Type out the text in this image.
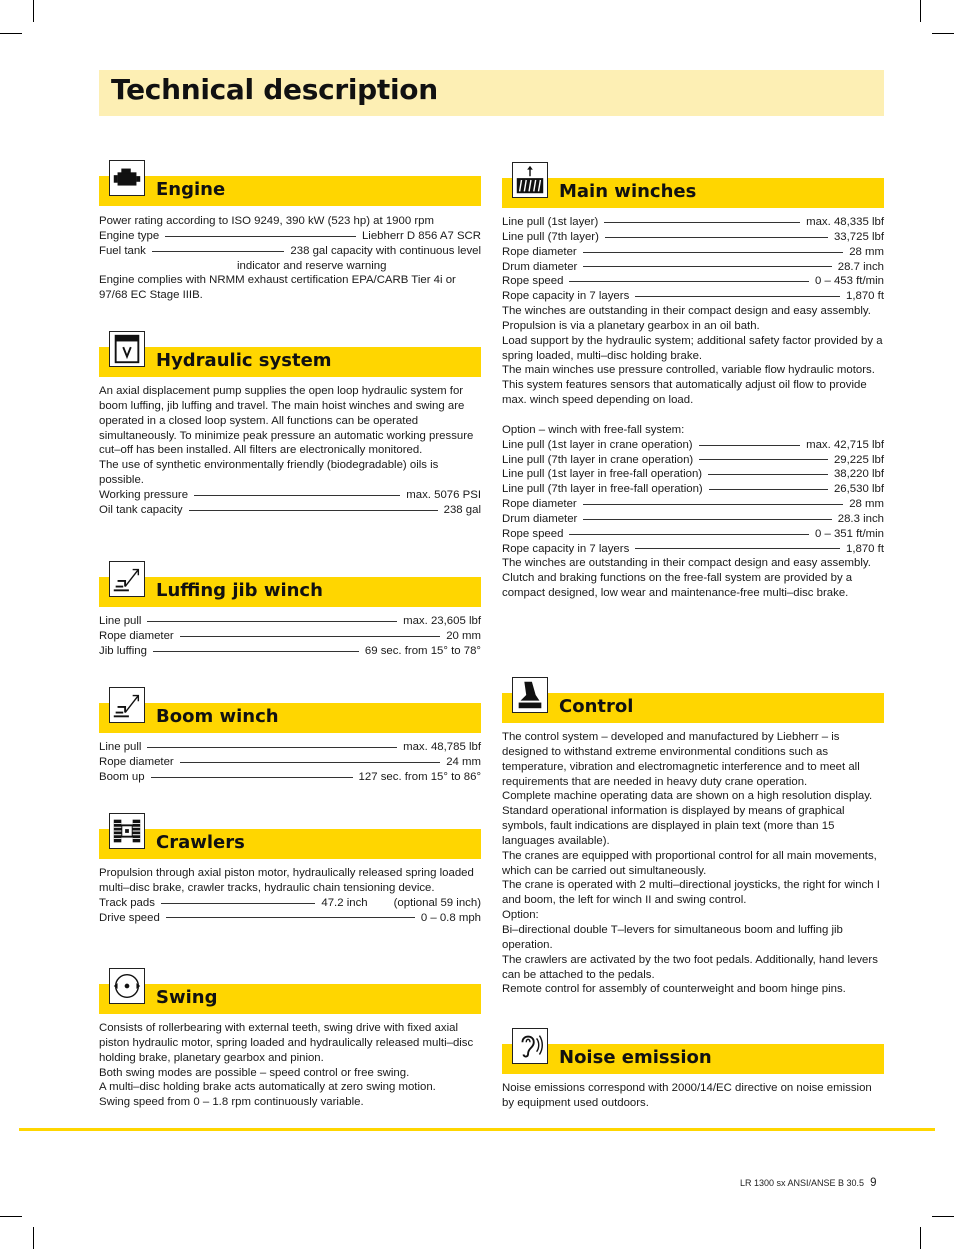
Technical description
Engine

Power rating according to ISO 9249, 390 kW (523 hp) at 1900 rpm

Engine type	Liebherr D 856 A7 SCR
Fuel tank	238 gal capacity with continuous level

indicator and reserve warning

Engine complies with NRMM exhaust certification EPA/CARB Tier 4i or 97/68 EC Stage IIIB.

Hydraulic system

An axial displacement pump supplies the open loop hydraulic system for boom luffing, jib luffing and travel. The main hoist winches and swing are operated in a closed loop system. All functions can be operated simultaneously. To minimize peak pressure an automatic working pressure cut–off has been installed. All filters are electronically monitored.

The use of synthetic environmentally friendly (biodegradable) oils is possible.

Working pressure	max. 5076 PSI
Oil tank capacity	238 gal
Luffing jib winch
Line pull	max. 23,605 lbf
Rope diameter	20 mm
Jib luffing	69 sec. from 15° to 78°
Boom winch
Line pull	max. 48,785 lbf
Rope diameter	24 mm
Boom up	127 sec. from 15° to 86°
Crawlers

Propulsion through axial piston motor, hydraulically released spring loaded multi–disc brake, crawler tracks, hydraulic chain tensioning device.

Track pads	47.2 inch (optional 59 inch)
Drive speed	0 – 0.8 mph
Swing

Consists of rollerbearing with external teeth, swing drive with fixed axial piston hydraulic motor, spring loaded and hydraulically released multi–disc holding brake, planetary gearbox and pinion.

Both swing modes are possible – speed control or free swing.

A multi–disc holding brake acts automatically at zero swing motion.

Swing speed from 0 – 1.8 rpm continuously variable.

Main winches
Line pull (1st layer)	max. 48,335 lbf
Line pull (7th layer)	33,725 lbf
Rope diameter	28 mm
Drum diameter	28.7 inch
Rope speed	0 – 453 ft/min
Rope capacity in 7 layers	1,870 ft

The winches are outstanding in their compact design and easy assembly.

Propulsion is via a planetary gearbox in an oil bath.

Load support by the hydraulic system; additional safety factor provided by a spring loaded, multi–disc holding brake.

The main winches use pressure controlled, variable flow hydraulic motors.

This system features sensors that automatically adjust oil flow to provide max. winch speed depending on load.

Option – winch with free-fall system:

Line pull (1st layer in crane operation)	max. 42,715 lbf
Line pull (7th layer in crane operation)	29,225 lbf
Line pull (1st layer in free-fall operation)	38,220 lbf
Line pull (7th layer in free-fall operation)	26,530 lbf
Rope diameter	28 mm
Drum diameter	28.3 inch
Rope speed	0 – 351 ft/min
Rope capacity in 7 layers	1,870 ft

The winches are outstanding in their compact design and easy assembly.

Clutch and braking functions on the free-fall system are provided by a compact designed, low wear and maintenance-free multi–disc brake.

Control

The control system – developed and manufactured by Liebherr – is designed to withstand extreme environmental conditions such as temperature, vibration and electromagnetic interference and to meet all requirements that are needed in heavy duty crane operation.

Complete machine operating data are shown on a high resolution display. Standard operational information is displayed by means of graphical symbols, fault indications are displayed in plain text (more than 15 languages available).

The cranes are equipped with proportional control for all main movements, which can be carried out simultaneously.

The crane is operated with 2 multi–directional joysticks, the right for winch I and boom, the left for winch II and swing control.

Option:

Bi–directional double T–levers for simultaneous boom and luffing jib operation.

The crawlers are activated by the two foot pedals. Additionally, hand levers can be attached to the pedals.

Remote control for assembly of counterweight and boom hinge pins.

Noise emission

Noise emissions correspond with 2000/14/EC directive on noise emission by equipment used outdoors.

LR 1300 sx ANSI/ANSE B 30.5 9
